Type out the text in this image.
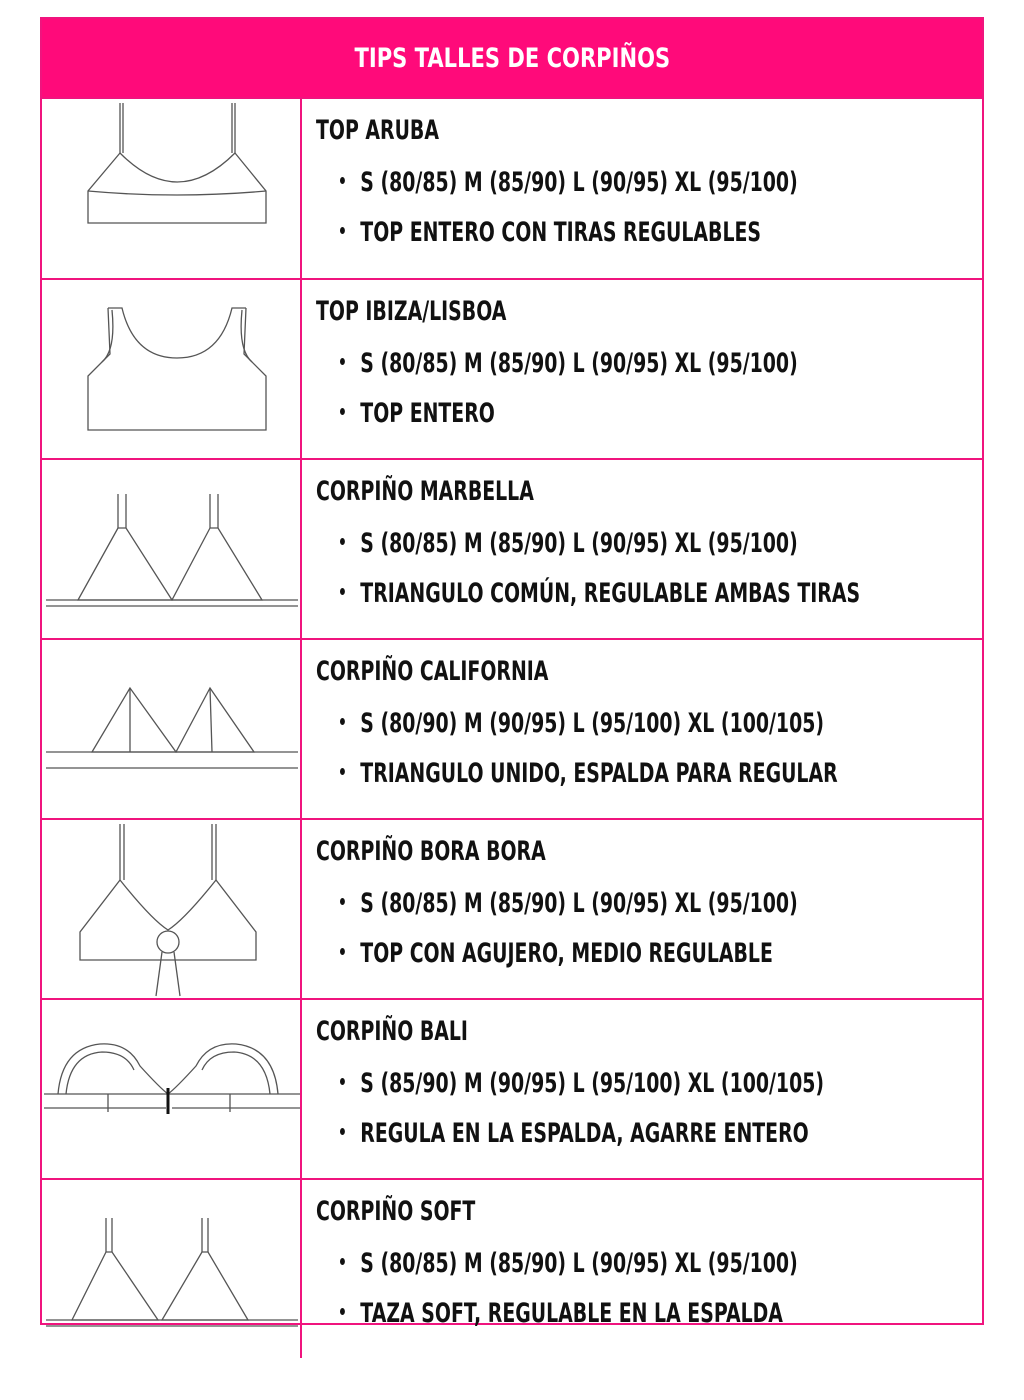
TIPS TALLES DE CORPIÑOS
TOP ARUBA
S (80/85) M (85/90) L (90/95) XL (95/100)
TOP ENTERO CON TIRAS REGULABLES
TOP IBIZA/LISBOA
S (80/85) M (85/90) L (90/95) XL (95/100)
TOP ENTERO
CORPIÑO MARBELLA
S (80/85) M (85/90) L (90/95) XL (95/100)
TRIANGULO COMÚN, REGULABLE AMBAS TIRAS
CORPIÑO CALIFORNIA
S (80/90) M (90/95) L (95/100) XL (100/105)
TRIANGULO UNIDO, ESPALDA PARA REGULAR
CORPIÑO BORA BORA
S (80/85) M (85/90) L (90/95) XL (95/100)
TOP CON AGUJERO, MEDIO REGULABLE
CORPIÑO BALI
S (85/90) M (90/95) L (95/100) XL (100/105)
REGULA EN LA ESPALDA, AGARRE ENTERO
CORPIÑO SOFT
S (80/85) M (85/90) L (90/95) XL (95/100)
TAZA SOFT, REGULABLE EN LA ESPALDA
